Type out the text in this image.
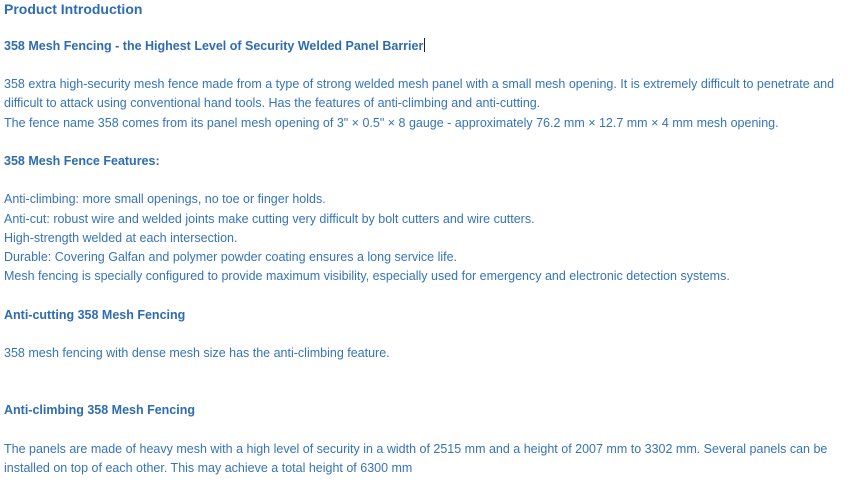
Product Introduction
358 Mesh Fencing - the Highest Level of Security Welded Panel Barrier
358 extra high-security mesh fence made from a type of strong welded mesh panel with a small mesh opening. It is extremely difficult to penetrate and
difficult to attack using conventional hand tools. Has the features of anti-climbing and anti-cutting.
The fence name 358 comes from its panel mesh opening of 3" × 0.5" × 8 gauge - approximately 76.2 mm × 12.7 mm × 4 mm mesh opening.
358 Mesh Fence Features:
Anti-climbing: more small openings, no toe or finger holds.
Anti-cut: robust wire and welded joints make cutting very difficult by bolt cutters and wire cutters.
High-strength welded at each intersection.
Durable: Covering Galfan and polymer powder coating ensures a long service life.
Mesh fencing is specially configured to provide maximum visibility, especially used for emergency and electronic detection systems.
Anti-cutting 358 Mesh Fencing
358 mesh fencing with dense mesh size has the anti-climbing feature.
Anti-climbing 358 Mesh Fencing
The panels are made of heavy mesh with a high level of security in a width of 2515 mm and a height of 2007 mm to 3302 mm. Several panels can be
installed on top of each other. This may achieve a total height of 6300 mm
